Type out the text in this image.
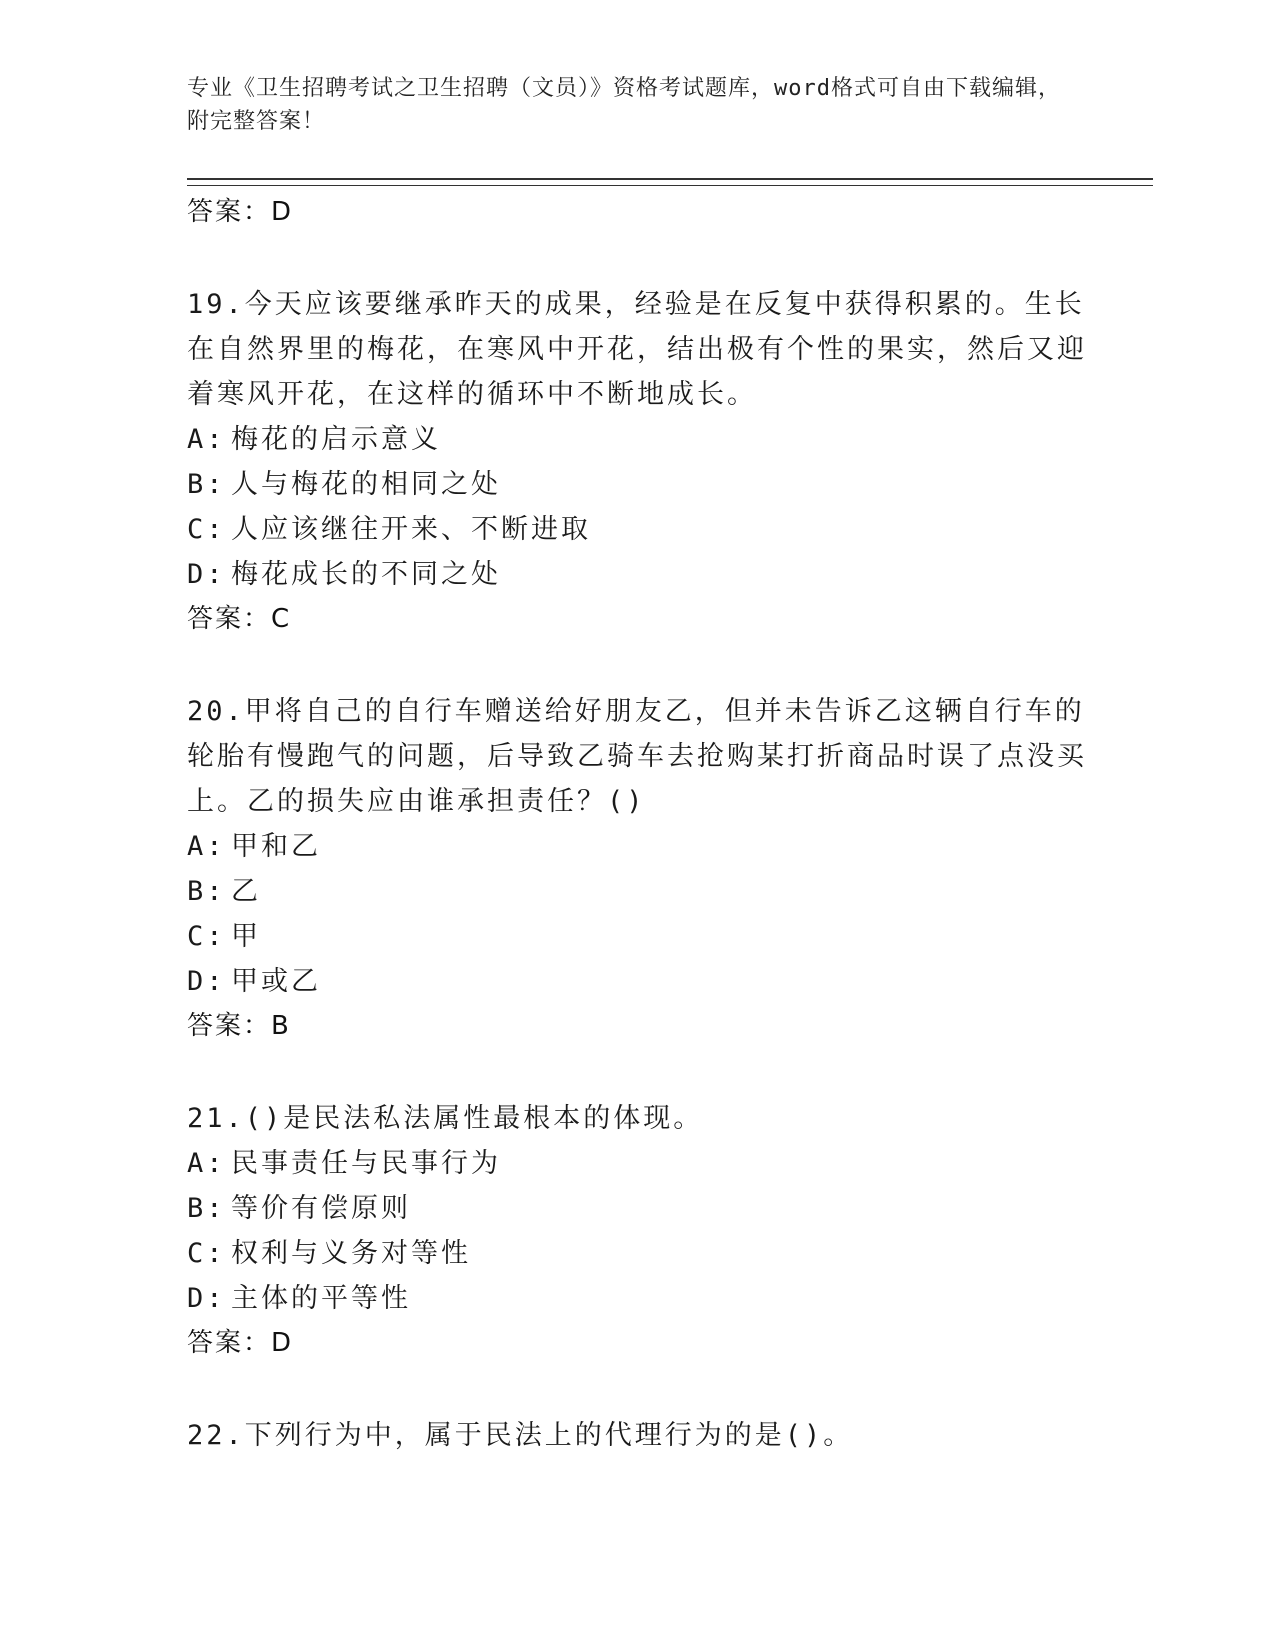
专业《卫生招聘考试之卫生招聘（文员）》资格考试题库，word格式可自由下载编辑，附完整答案！
答案：D
19.今天应该要继承昨天的成果，经验是在反复中获得积累的。生长在自然界里的梅花，在寒风中开花，结出极有个性的果实，然后又迎着寒风开花，在这样的循环中不断地成长。
A: 梅花的启示意义
B: 人与梅花的相同之处
C: 人应该继往开来、不断进取
D: 梅花成长的不同之处
答案：C
20.甲将自己的自行车赠送给好朋友乙，但并未告诉乙这辆自行车的轮胎有慢跑气的问题，后导致乙骑车去抢购某打折商品时误了点没买上。乙的损失应由谁承担责任？()
A: 甲和乙
B: 乙
C: 甲
D: 甲或乙
答案：B
21.()是民法私法属性最根本的体现。
A: 民事责任与民事行为
B: 等价有偿原则
C: 权利与义务对等性
D: 主体的平等性
答案：D
22.下列行为中，属于民法上的代理行为的是()。
